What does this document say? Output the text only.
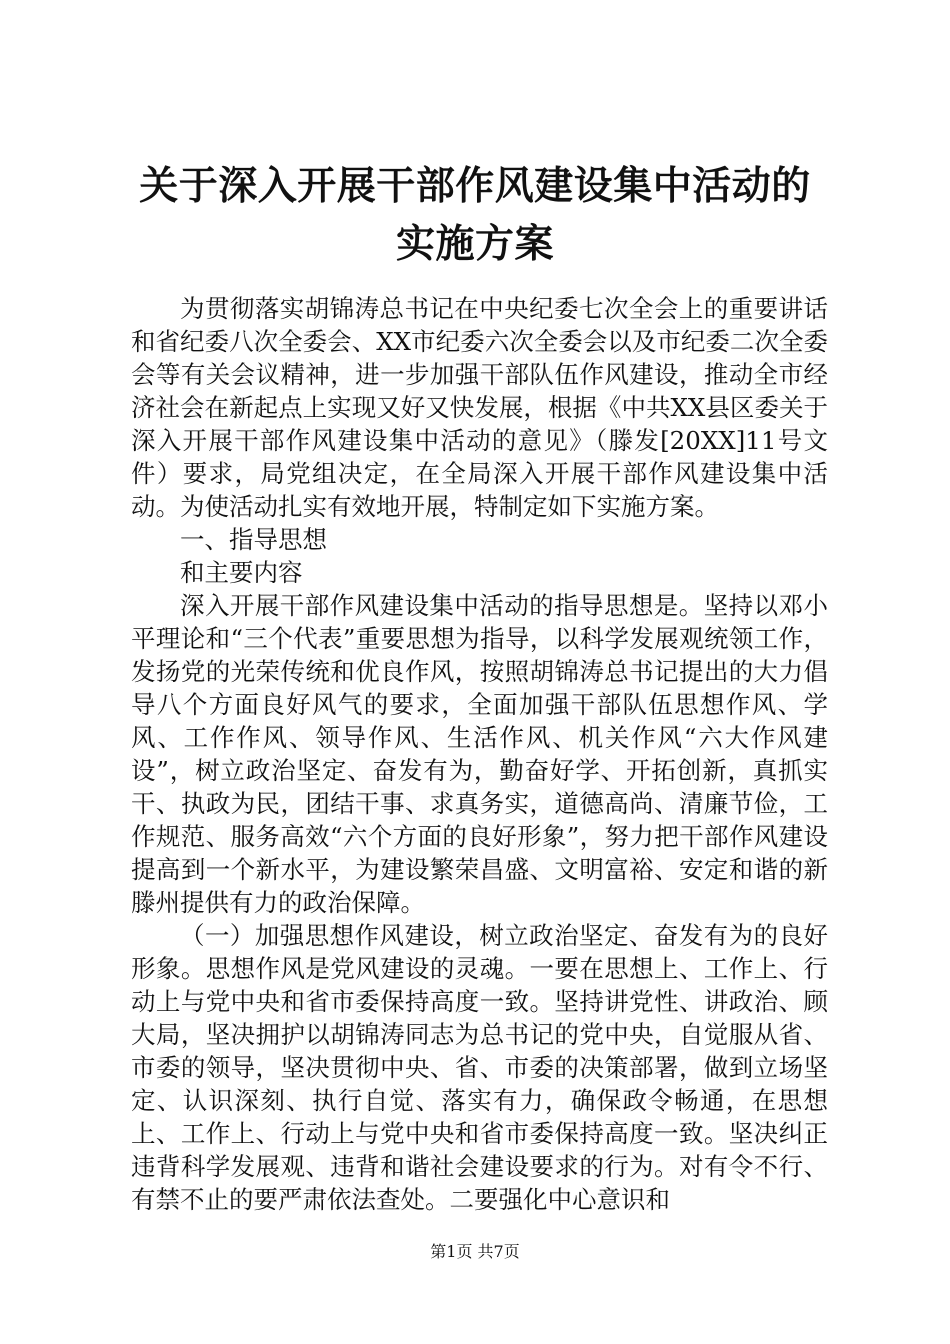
关于深入开展干部作风建设集中活动的实施方案

为贯彻落实胡锦涛总书记在中央纪委七次全会上的重要讲话和省纪委八次全委会、XX市纪委六次全委会以及市纪委二次全委会等有关会议精神，进一步加强干部队伍作风建设，推动全市经济社会在新起点上实现又好又快发展，根据《中共XX县区委关于深入开展干部作风建设集中活动的意见》（滕发[20XX]11号文件）要求，局党组决定，在全局深入开展干部作风建设集中活动。为使活动扎实有效地开展，特制定如下实施方案。

一、指导思想

和主要内容

深入开展干部作风建设集中活动的指导思想是。坚持以邓小平理论和“三个代表”重要思想为指导，以科学发展观统领工作，发扬党的光荣传统和优良作风，按照胡锦涛总书记提出的大力倡导八个方面良好风气的要求，全面加强干部队伍思想作风、学风、工作作风、领导作风、生活作风、机关作风“六大作风建设”，树立政治坚定、奋发有为，勤奋好学、开拓创新，真抓实干、执政为民，团结干事、求真务实，道德高尚、清廉节俭，工作规范、服务高效“六个方面的良好形象”，努力把干部作风建设提高到一个新水平，为建设繁荣昌盛、文明富裕、安定和谐的新滕州提供有力的政治保障。

（一）加强思想作风建设，树立政治坚定、奋发有为的良好形象。思想作风是党风建设的灵魂。一要在思想上、工作上、行动上与党中央和省市委保持高度一致。坚持讲党性、讲政治、顾大局，坚决拥护以胡锦涛同志为总书记的党中央，自觉服从省、市委的领导，坚决贯彻中央、省、市委的决策部署，做到立场坚定、认识深刻、执行自觉、落实有力，确保政令畅通，在思想上、工作上、行动上与党中央和省市委保持高度一致。坚决纠正违背科学发展观、违背和谐社会建设要求的行为。对有令不行、有禁不止的要严肃依法查处。二要强化中心意识和

第1页 共7页
